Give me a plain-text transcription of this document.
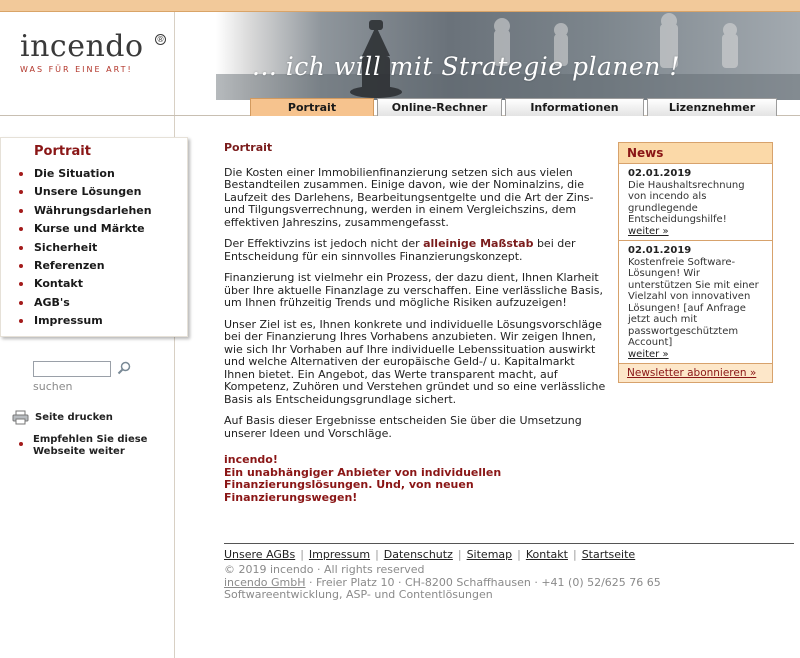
incendo	®
WAS FÜR EINE ART!	... ich will mit Strategie planen !
Portrait	Online-Rechner	Informationen	Lizenznehmer
Portrait
Die Situation
Unsere Lösungen
Währungsdarlehen
Kurse und Märkte
Sicherheit
Referenzen
Kontakt
AGB's
Impressum
suchen
Seite drucken
Empfehlen Sie diese Webseite weiter
Portrait

Die Kosten einer Immobilienfinanzierung setzen sich aus vielen Bestandteilen zusammen. Einige davon, wie der Nominalzins, die Laufzeit des Darlehens, Bearbeitungsentgelte und die Art der Zins- und Tilgungsverrechnung, werden in einem Vergleichszins, dem effektiven Jahreszins, zusammengefasst.

Der Effektivzins ist jedoch nicht der alleinige Maßstab bei der Entscheidung für ein sinnvolles Finanzierungskonzept.

Finanzierung ist vielmehr ein Prozess, der dazu dient, Ihnen Klarheit über Ihre aktuelle Finanzlage zu verschaffen. Eine verlässliche Basis, um Ihnen frühzeitig Trends und mögliche Risiken aufzuzeigen!

Unser Ziel ist es, Ihnen konkrete und individuelle Lösungsvorschläge bei der Finanzierung Ihres Vorhabens anzubieten. Wir zeigen Ihnen, wie sich Ihr Vorhaben auf Ihre individuelle Lebenssituation auswirkt und welche Alternativen der europäische Geld-/ u. Kapitalmarkt Ihnen bietet. Ein Angebot, das Werte transparent macht, auf Kompetenz, Zuhören und Verstehen gründet und so eine verlässliche Basis als Entscheidungsgrundlage sichert.

Auf Basis dieser Ergebnisse entscheiden Sie über die Umsetzung unserer Ideen und Vorschläge.

incendo!
Ein unabhängiger Anbieter von individuellen Finanzierungslösungen. Und, von neuen Finanzierungswegen!
News
02.01.2019
Die Haushaltsrechnung von incendo als grundlegende Entscheidungshilfe!
weiter »
02.01.2019
Kostenfreie Software-Lösungen! Wir unterstützen Sie mit einer Vielzahl von innovativen Lösungen! [auf Anfrage jetzt auch mit passwortgeschütztem Account]
weiter »
Newsletter abonnieren »
Unsere AGBs | Impressum | Datenschutz | Sitemap | Kontakt | Startseite
© 2019 incendo · All rights reserved
incendo GmbH · Freier Platz 10 · CH-8200 Schaffhausen · +41 (0) 52/625 76 65
Softwareentwicklung, ASP- und Contentlösungen
